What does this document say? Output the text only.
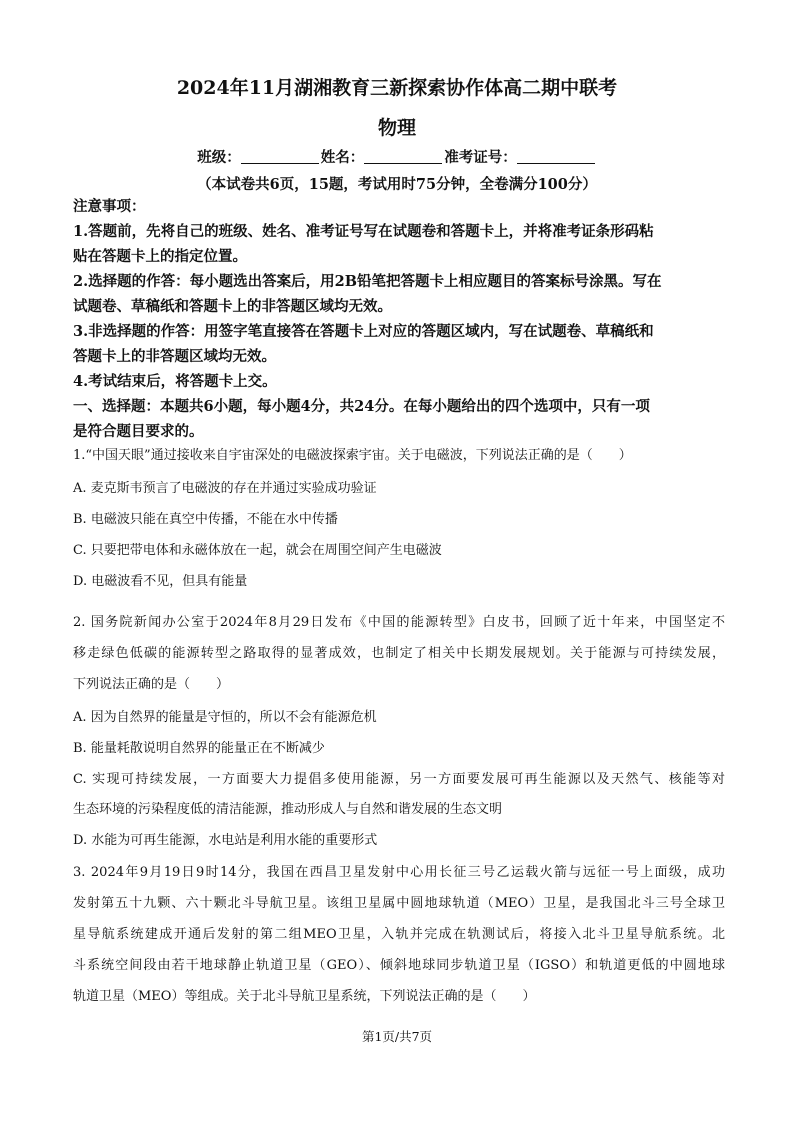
2024年11月湖湘教育三新探索协作体高二期中联考
物理
班级：	姓名：	准考证号：
（本试卷共6页，15题，考试用时75分钟，全卷满分100分）

注意事项：

1.答题前，先将自己的班级、姓名、准考证号写在试题卷和答题卡上，并将准考证条形码粘

贴在答题卡上的指定位置。

2.选择题的作答：每小题选出答案后，用2B铅笔把答题卡上相应题目的答案标号涂黑。写在

试题卷、草稿纸和答题卡上的非答题区域均无效。

3.非选择题的作答：用签字笔直接答在答题卡上对应的答题区域内，写在试题卷、草稿纸和

答题卡上的非答题区域均无效。

4.考试结束后，将答题卡上交。

一、选择题：本题共6小题，每小题4分，共24分。在每小题给出的四个选项中，只有一项

是符合题目要求的。

1.“中国天眼”通过接收来自宇宙深处的电磁波探索宇宙。关于电磁波，下列说法正确的是（　　）

A. 麦克斯韦预言了电磁波的存在并通过实验成功验证

B. 电磁波只能在真空中传播，不能在水中传播

C. 只要把带电体和永磁体放在一起，就会在周围空间产生电磁波

D. 电磁波看不见，但具有能量

2. 国务院新闻办公室于2024年8月29日发布《中国的能源转型》白皮书，回顾了近十年来，中国坚定不

移走绿色低碳的能源转型之路取得的显著成效，也制定了相关中长期发展规划。关于能源与可持续发展，

下列说法正确的是（　　）

A. 因为自然界的能量是守恒的，所以不会有能源危机

B. 能量耗散说明自然界的能量正在不断减少

C. 实现可持续发展，一方面要大力提倡多使用能源，另一方面要发展可再生能源以及天然气、核能等对

生态环境的污染程度低的清洁能源，推动形成人与自然和谐发展的生态文明

D. 水能为可再生能源，水电站是利用水能的重要形式

3. 2024年9月19日9时14分，我国在西昌卫星发射中心用长征三号乙运载火箭与远征一号上面级，成功

发射第五十九颗、六十颗北斗导航卫星。该组卫星属中圆地球轨道（MEO）卫星，是我国北斗三号全球卫

星导航系统建成开通后发射的第二组MEO卫星，入轨并完成在轨测试后，将接入北斗卫星导航系统。北

斗系统空间段由若干地球静止轨道卫星（GEO）、倾斜地球同步轨道卫星（IGSO）和轨道更低的中圆地球

轨道卫星（MEO）等组成。关于北斗导航卫星系统，下列说法正确的是（　　）

第1页/共7页
